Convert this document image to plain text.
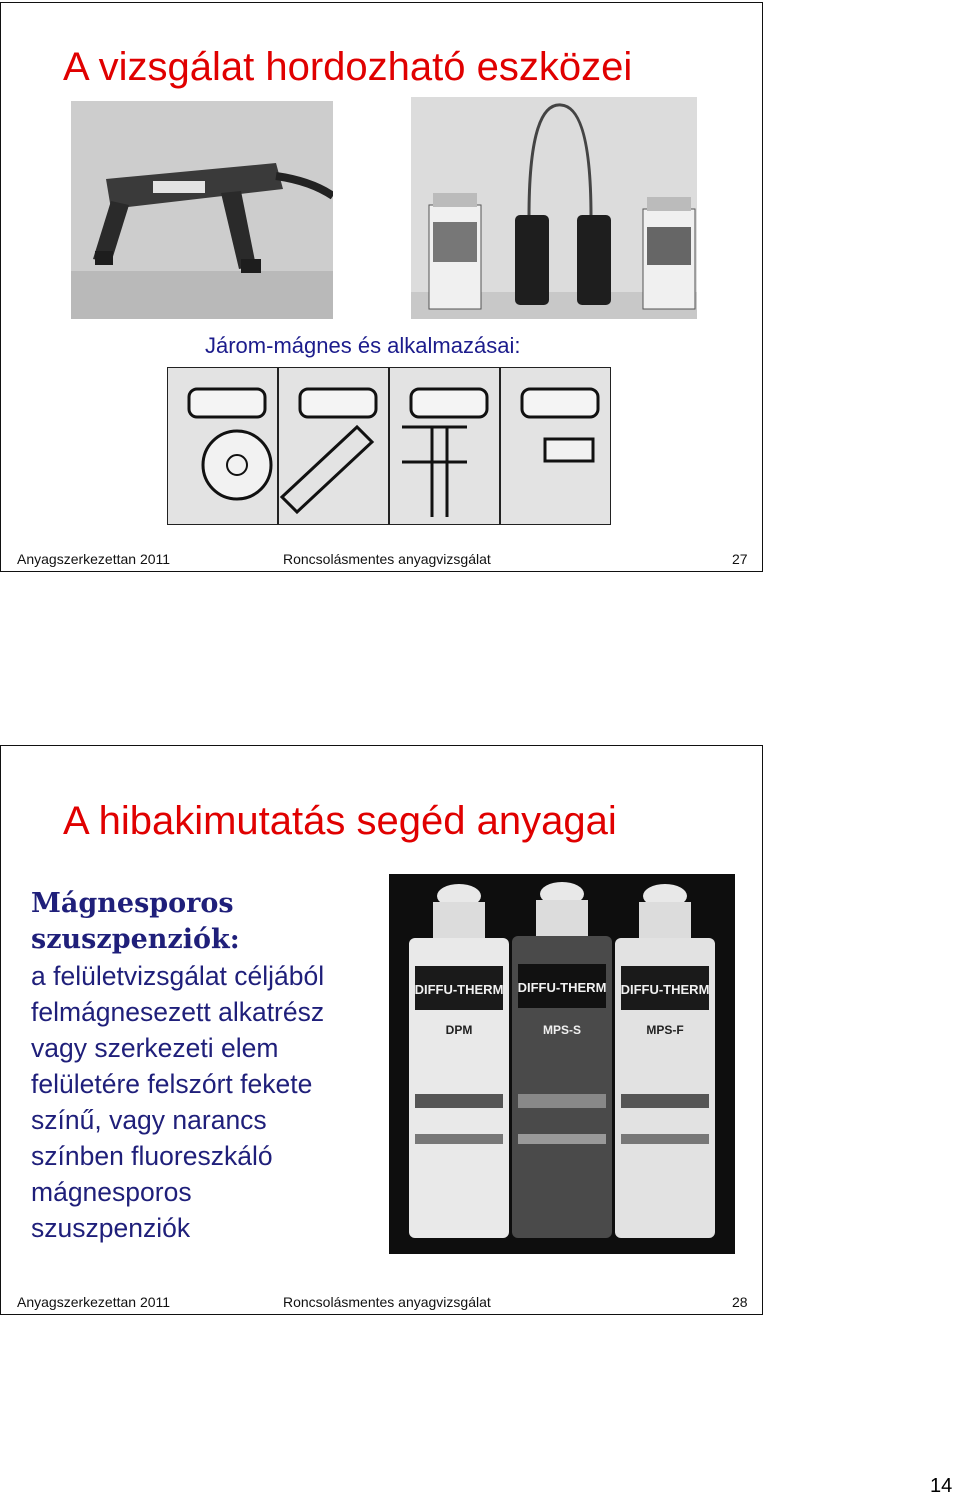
A vizsgálat hordozható eszközei
Járom-mágnes és alkalmazásai:
Anyagszerkezettan 2011	Roncsolásmentes anyagvizsgálat	27
A hibakimutatás segéd anyagai
Mágnesporos
szuszpenziók:
a felületvizsgálat céljából
felmágnesezett alkatrész
vagy szerkezeti elem
felületére felszórt fekete
színű, vagy narancs
színben fluoreszkáló
mágnesporos
szuszpenziók
DIFFU-THERM
DPM
DIFFU-THERM
MPS-S
DIFFU-THERM
MPS-F
Anyagszerkezettan 2011	Roncsolásmentes anyagvizsgálat	28
14
